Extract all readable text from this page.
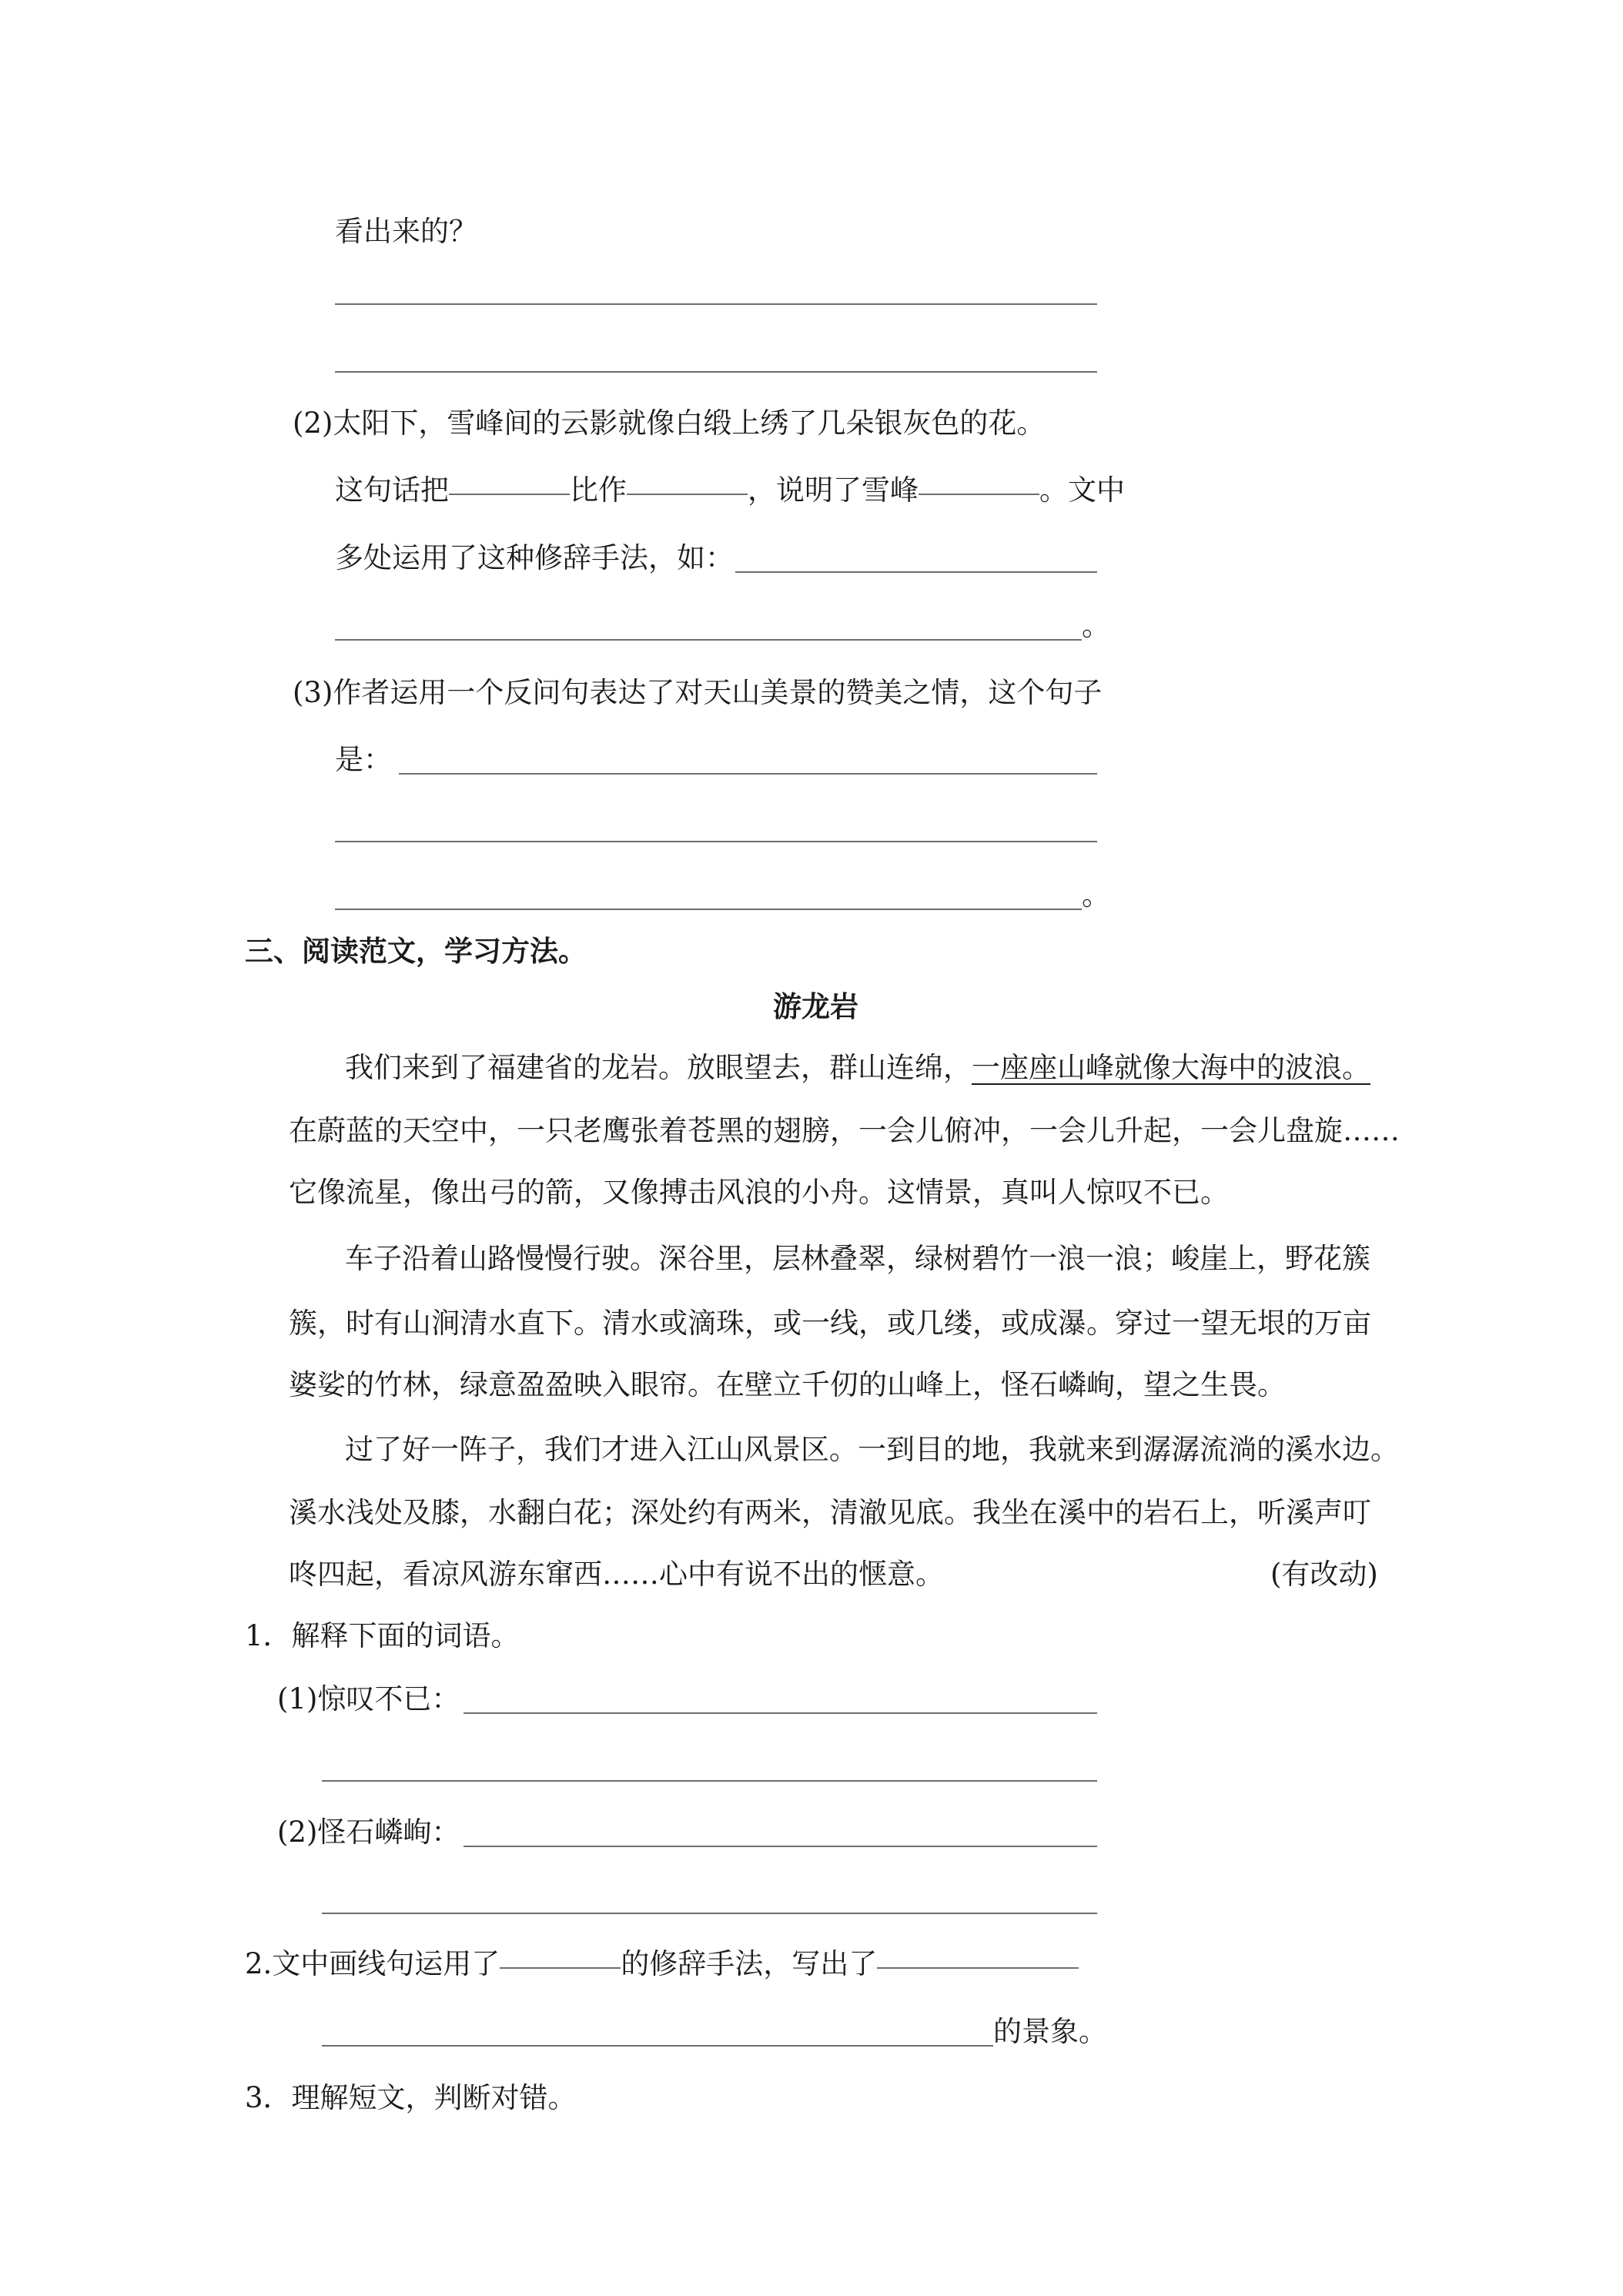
看出来的？
(2)太阳下，雪峰间的云影就像白缎上绣了几朵银灰色的花。
这句话把	比作	，说明了雪峰	。文中
多处运用了这种修辞手法，如：
。
(3)作者运用一个反问句表达了对天山美景的赞美之情，这个句子
是：
。
三、阅读范文，学习方法。
游龙岩
我们来到了福建省的龙岩。放眼望去，群山连绵，一座座山峰就像大海中的波浪。
在蔚蓝的天空中，一只老鹰张着苍黑的翅膀，一会儿俯冲，一会儿升起，一会儿盘旋……
它像流星，像出弓的箭，又像搏击风浪的小舟。这情景，真叫人惊叹不已。
车子沿着山路慢慢行驶。深谷里，层林叠翠，绿树碧竹一浪一浪；峻崖上，野花簇
簇，时有山涧清水直下。清水或滴珠，或一线，或几缕，或成瀑。穿过一望无垠的万亩
婆娑的竹林，绿意盈盈映入眼帘。在壁立千仞的山峰上，怪石嶙峋，望之生畏。
过了好一阵子，我们才进入江山风景区。一到目的地，我就来到潺潺流淌的溪水边。
溪水浅处及膝，水翻白花；深处约有两米，清澈见底。我坐在溪中的岩石上，听溪声叮
咚四起，看凉风游东窜西……心中有说不出的惬意。	(有改动)
1．解释下面的词语。
(1)惊叹不已：
(2)怪石嶙峋：
2.文中画线句运用了	的修辞手法，写出了
的景象。
3．理解短文，判断对错。
